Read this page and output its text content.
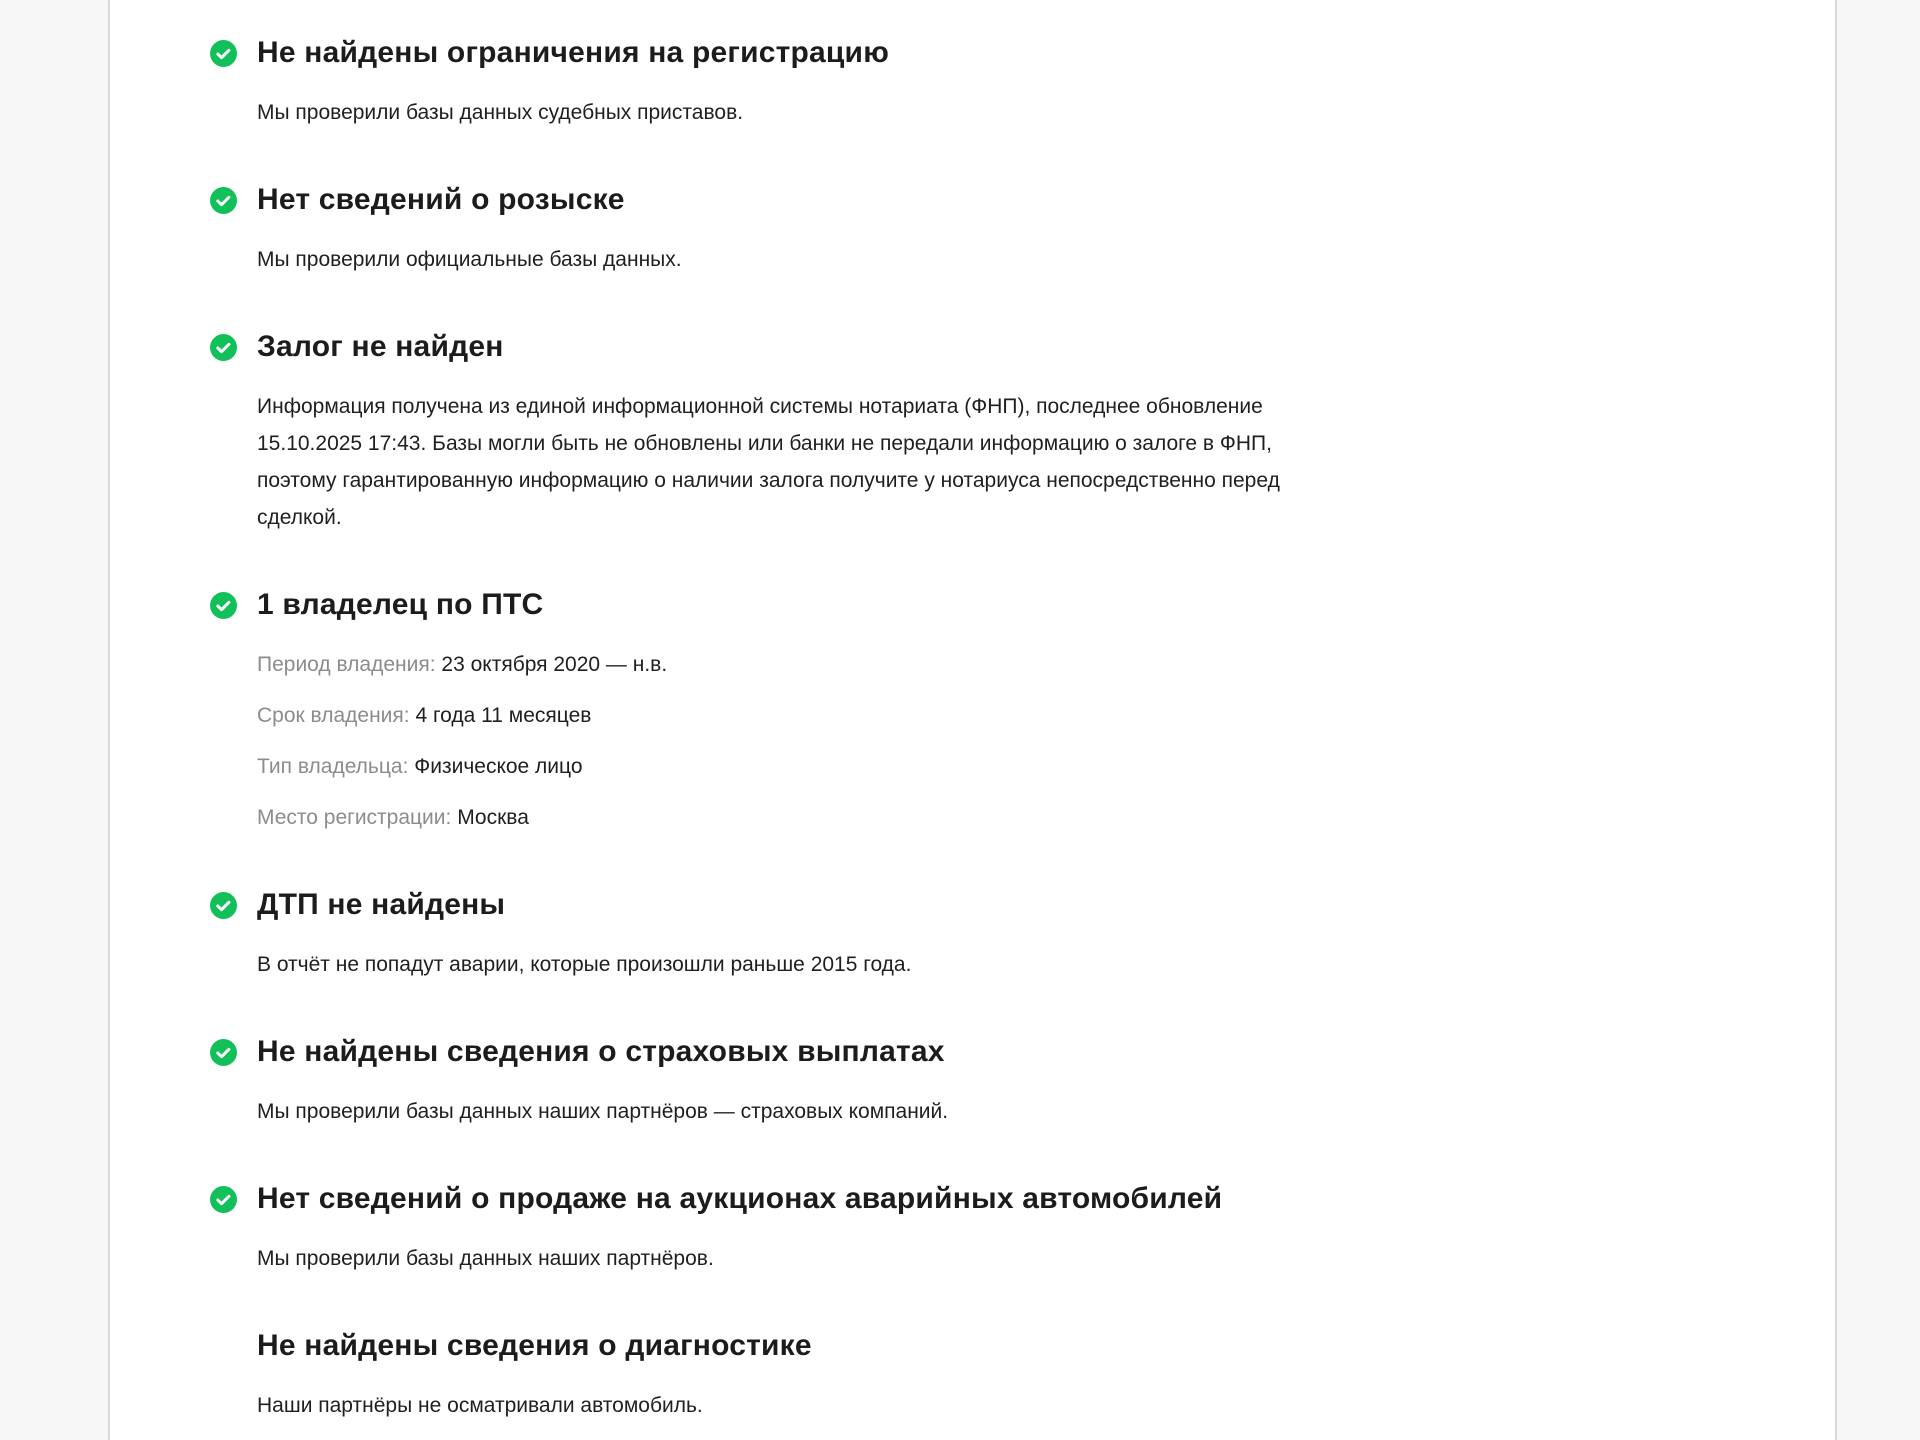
Не найдены ограничения на регистрацию

Мы проверили базы данных судебных приставов.

Нет сведений о розыске

Мы проверили официальные базы данных.

Залог не найден

Информация получена из единой информационной системы нотариата (ФНП), последнее обновление 15.10.2025 17:43. Базы могли быть не обновлены или банки не передали информацию о залоге в ФНП, поэтому гарантированную информацию о наличии залога получите у нотариуса непосредственно перед сделкой.

1 владелец по ПТС
Период владения: 23 октября 2020 — н.в.
Срок владения: 4 года 11 месяцев
Тип владельца: Физическое лицо
Место регистрации: Москва
ДТП не найдены

В отчёт не попадут аварии, которые произошли раньше 2015 года.

Не найдены сведения о страховых выплатах

Мы проверили базы данных наших партнёров — страховых компаний.

Нет сведений о продаже на аукционах аварийных автомобилей

Мы проверили базы данных наших партнёров.

Не найдены сведения о диагностике

Наши партнёры не осматривали автомобиль.
